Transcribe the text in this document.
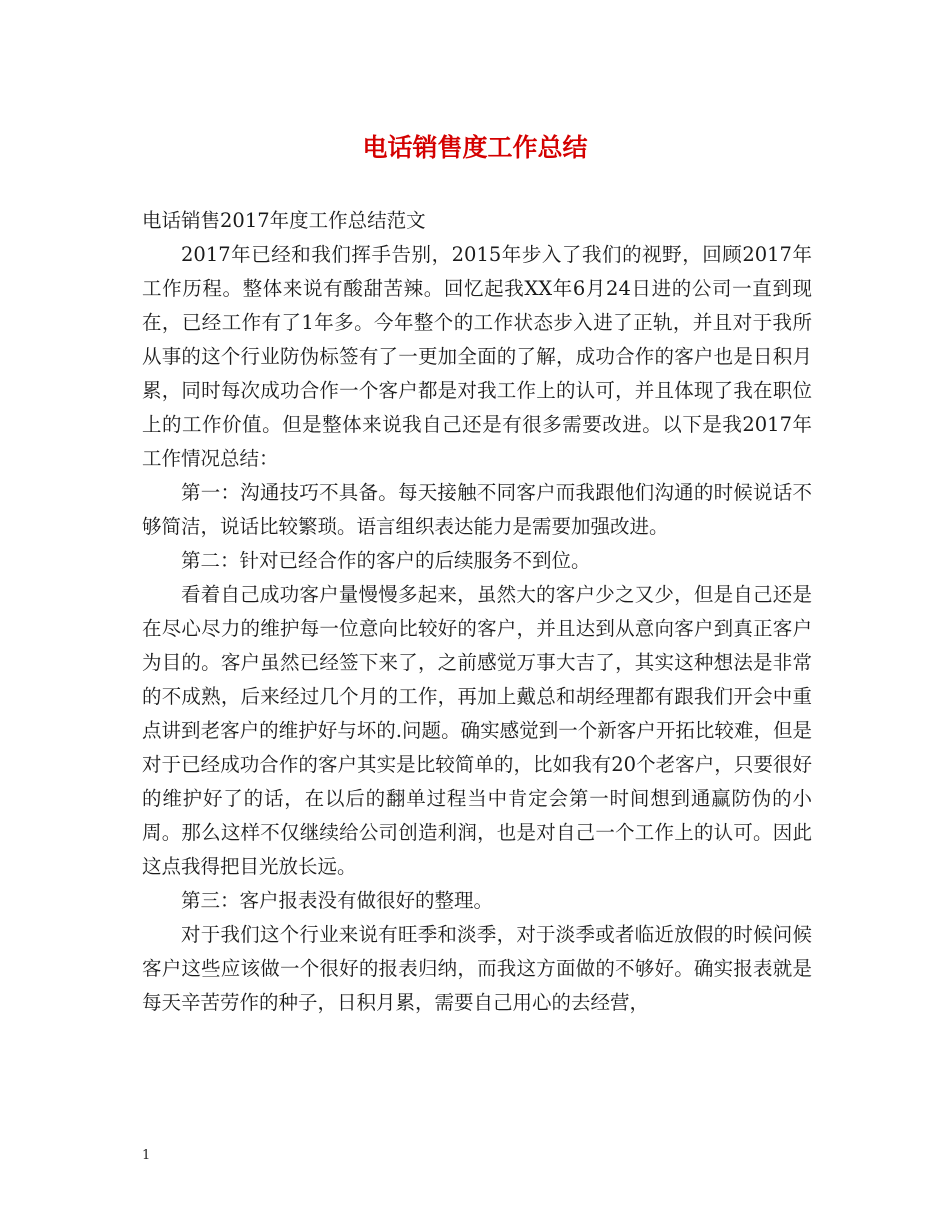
电话销售度工作总结

电话销售2017年度工作总结范文

2017年已经和我们挥手告别，2015年步入了我们的视野，回顾2017年工作历程。整体来说有酸甜苦辣。回忆起我XX年6月24日进的公司一直到现在，已经工作有了1年多。今年整个的工作状态步入进了正轨，并且对于我所从事的这个行业防伪标签有了一更加全面的了解，成功合作的客户也是日积月累，同时每次成功合作一个客户都是对我工作上的认可，并且体现了我在职位上的工作价值。但是整体来说我自己还是有很多需要改进。以下是我2017年工作情况总结：

第一：沟通技巧不具备。每天接触不同客户而我跟他们沟通的时候说话不够简洁，说话比较繁琐。语言组织表达能力是需要加强改进。

第二：针对已经合作的客户的后续服务不到位。

看着自己成功客户量慢慢多起来，虽然大的客户少之又少，但是自己还是在尽心尽力的维护每一位意向比较好的客户，并且达到从意向客户到真正客户为目的。客户虽然已经签下来了，之前感觉万事大吉了，其实这种想法是非常的不成熟，后来经过几个月的工作，再加上戴总和胡经理都有跟我们开会中重点讲到老客户的维护好与坏的.问题。确实感觉到一个新客户开拓比较难，但是对于已经成功合作的客户其实是比较简单的，比如我有20个老客户，只要很好的维护好了的话，在以后的翻单过程当中肯定会第一时间想到通赢防伪的小周。那么这样不仅继续给公司创造利润，也是对自己一个工作上的认可。因此这点我得把目光放长远。

第三：客户报表没有做很好的整理。

对于我们这个行业来说有旺季和淡季，对于淡季或者临近放假的时候问候客户这些应该做一个很好的报表归纳，而我这方面做的不够好。确实报表就是每天辛苦劳作的种子，日积月累，需要自己用心的去经营，

1
